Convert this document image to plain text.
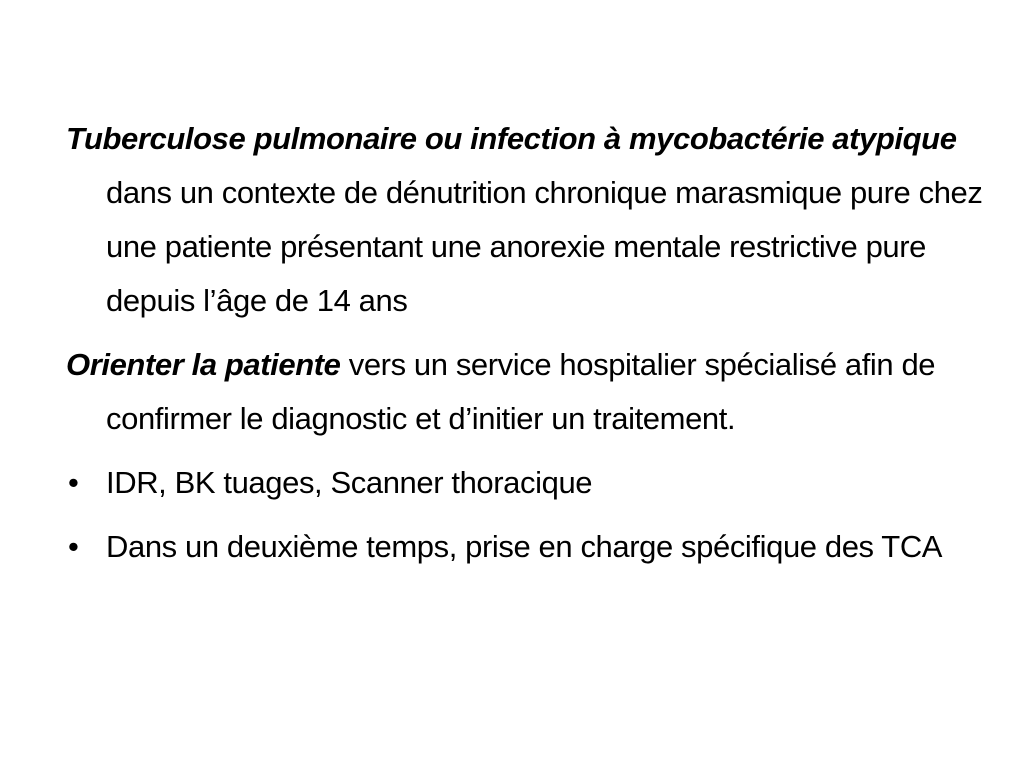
Tuberculose pulmonaire ou infection à mycobactérie atypique dans un contexte de dénutrition chronique marasmique pure chez une patiente présentant une anorexie mentale restrictive pure depuis l’âge de 14 ans

Orienter la patiente vers un service hospitalier spécialisé afin de confirmer le diagnostic et d’initier un traitement.

• IDR, BK tuages, Scanner thoracique
• Dans un deuxième temps, prise en charge spécifique des TCA
